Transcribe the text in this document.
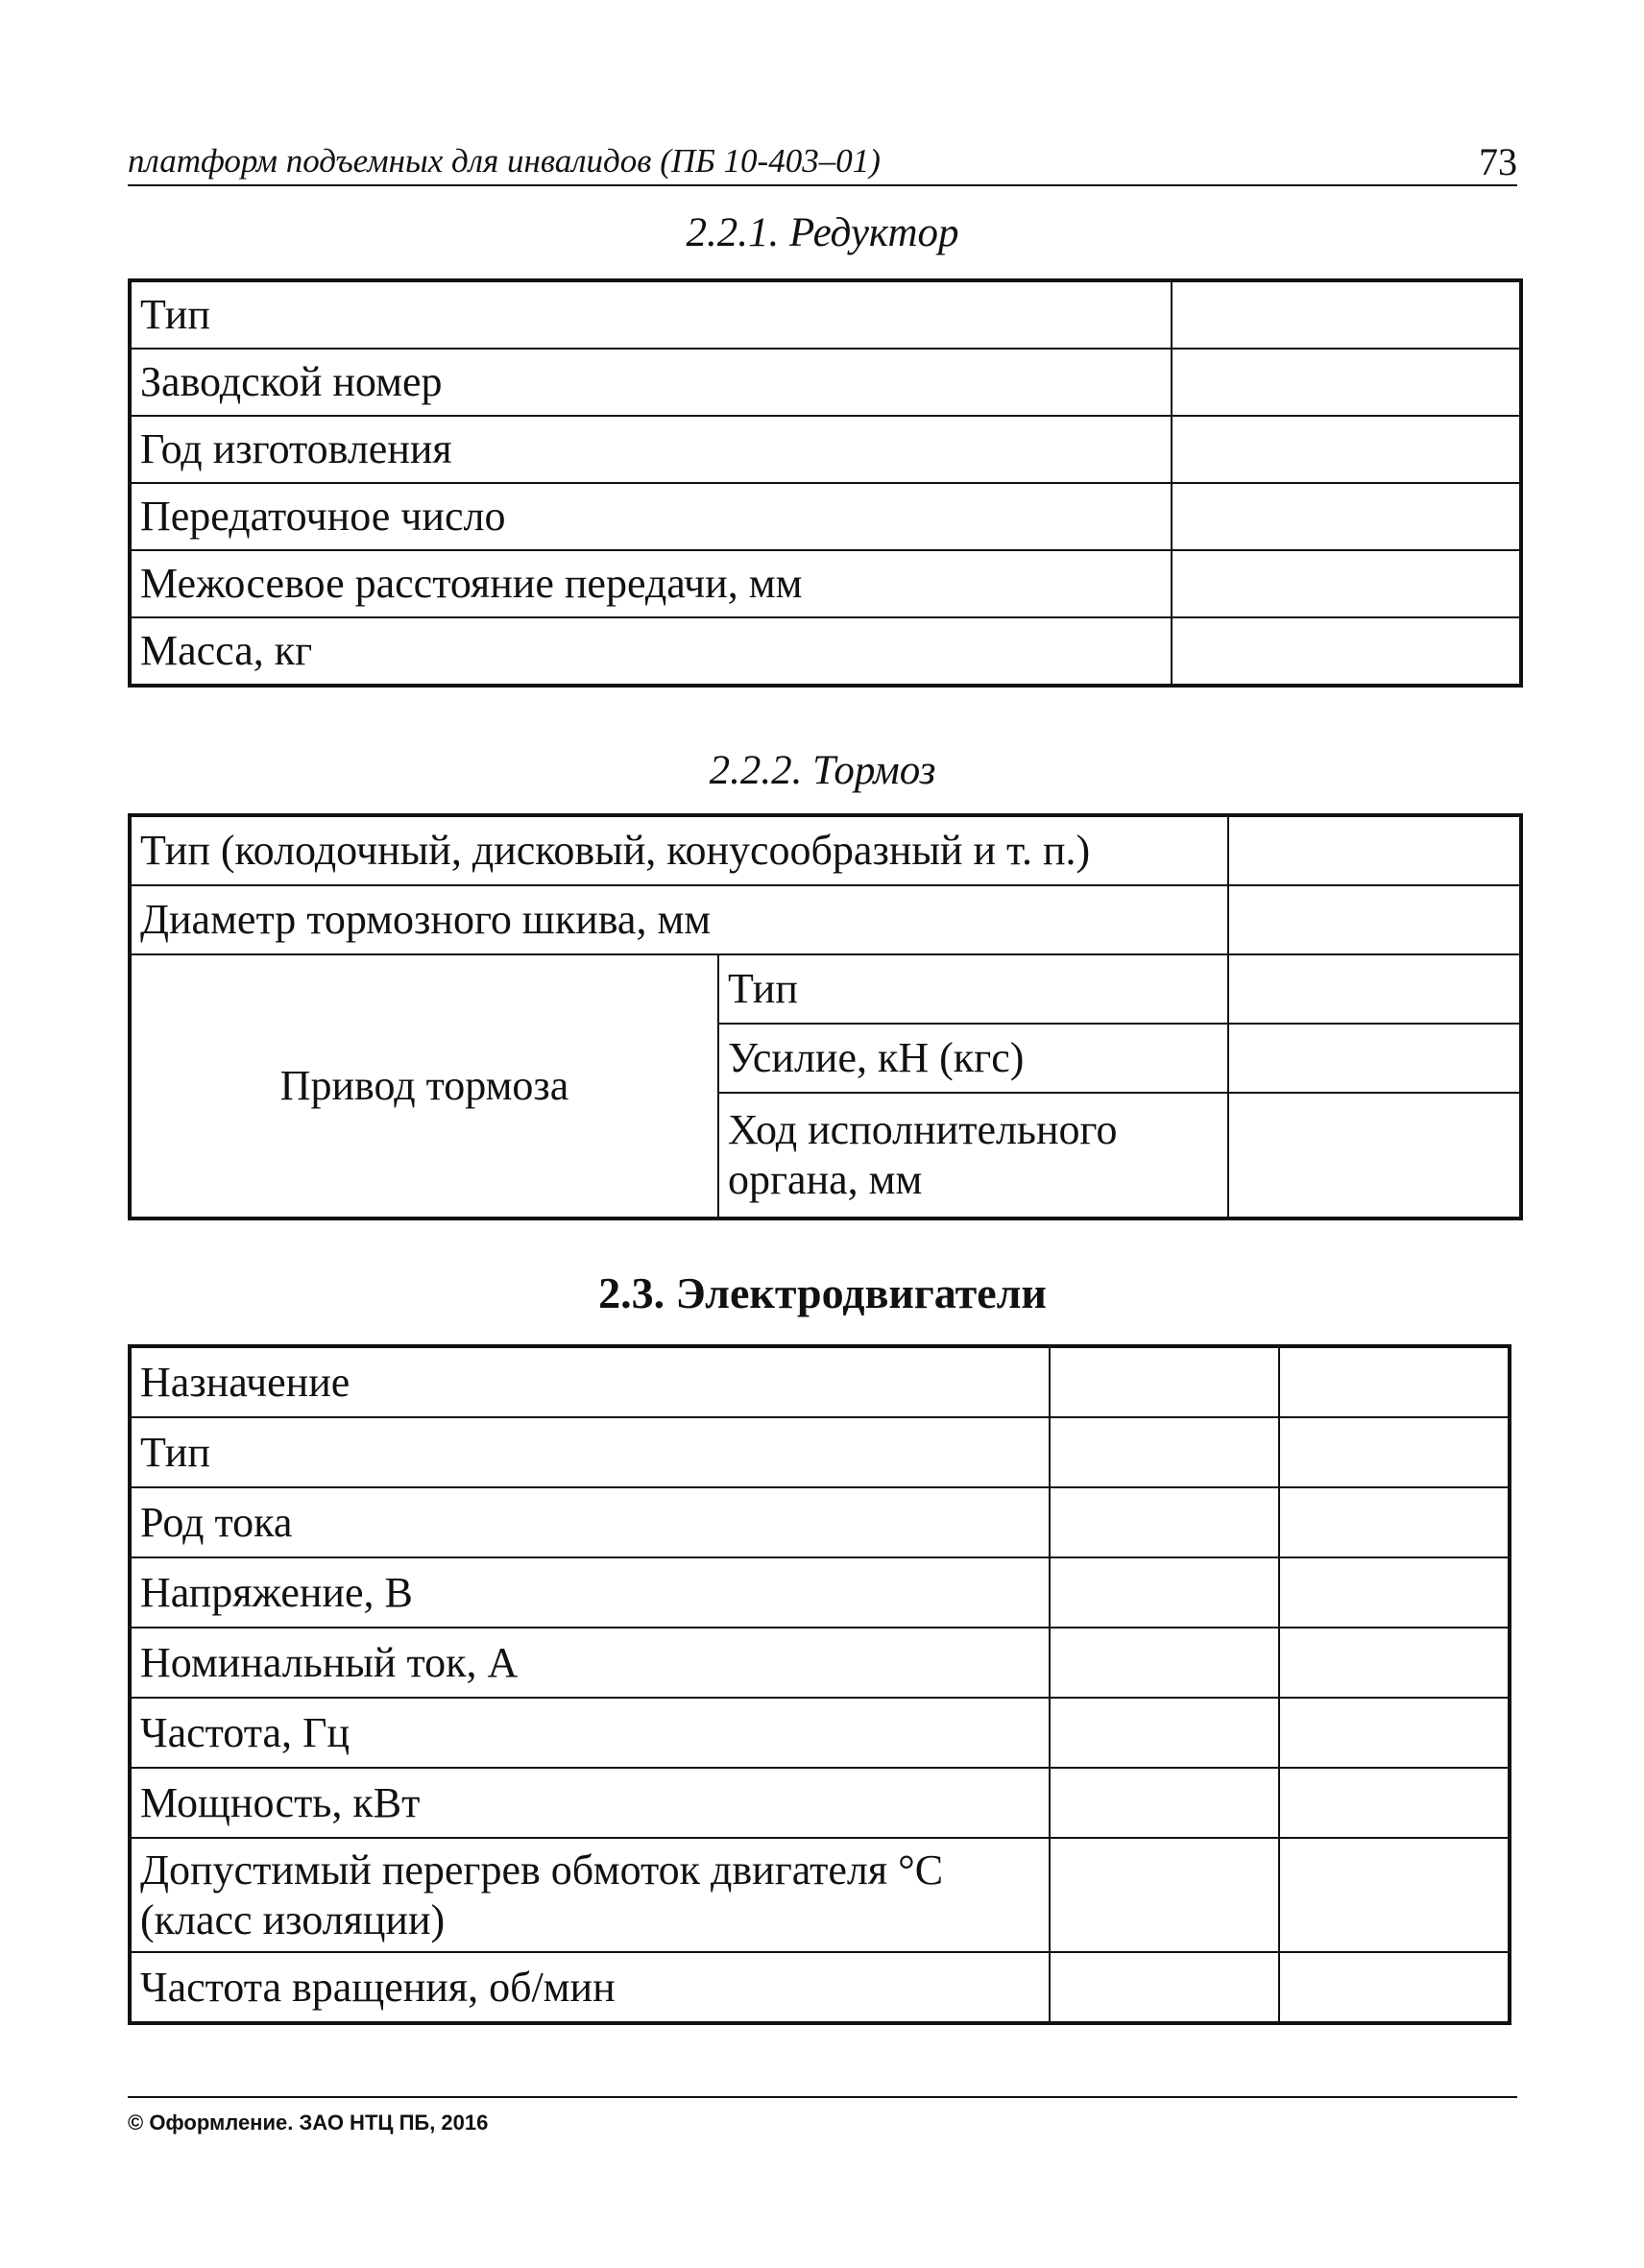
платформ подъемных для инвалидов (ПБ 10-403–01)	73
2.2.1. Редуктор
Тип	
Заводской номер	
Год изготовления	
Передаточное число	
Межосевое расстояние передачи, мм	
Масса, кг	
2.2.2. Тормоз
Тип (колодочный, дисковый, конусообразный и т. п.)		
Диаметр тормозного шкива, мм		
Привод тормоза	Тип	
	Усилие, кН (кгс)	
	Ход исполнительного органа, мм	
2.3. Электродвигатели
Назначение		
Тип		
Род тока		
Напряжение, В		
Номинальный ток, А		
Частота, Гц		
Мощность, кВт		
Допустимый перегрев обмоток двигателя °С (класс изоляции)		
Частота вращения, об/мин		
© Оформление. ЗАО НТЦ ПБ, 2016
